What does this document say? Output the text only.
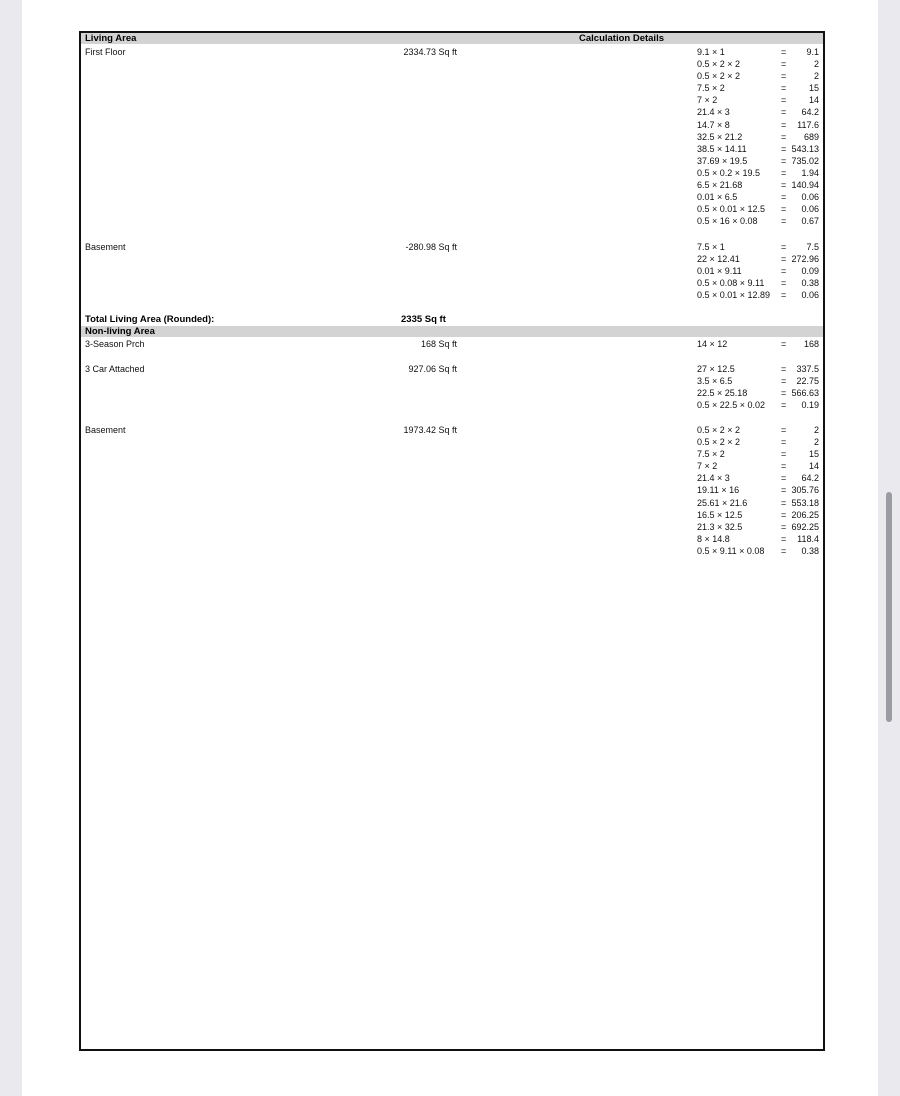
Living Area	Calculation Details
First Floor	2334.73 Sq ft	9.1 × 1	= 9.1
0.5 × 2 × 2	=	2
0.5 × 2 × 2	=	2
7.5 × 2	=	15
7 × 2	=	14
21.4 × 3	= 64.2
14.7 × 8	= 117.6
32.5 × 21.2	= 689
38.5 × 14.11	= 543.13
37.69 × 19.5	= 735.02
0.5 × 0.2 × 19.5 = 1.94
6.5 × 21.68	= 140.94
0.01 × 6.5	= 0.06
0.5 × 0.01 × 12.5 = 0.06
0.5 × 16 × 0.08	= 0.67
Basement	-280.98 Sq ft	7.5 × 1	= 7.5
22 × 12.41	= 272.96
0.01 × 9.11	= 0.09
0.5 × 0.08 × 9.11 = 0.38
0.5 × 0.01 × 12.89 = 0.06
Total Living Area (Rounded):	2335 Sq ft
Non-living Area
3-Season Prch	168 Sq ft	14 × 12	= 168
3 Car Attached	927.06 Sq ft	27 × 12.5	= 337.5
3.5 × 6.5	= 22.75
22.5 × 25.18	= 566.63
0.5 × 22.5 × 0.02 = 0.19
Basement	1973.42 Sq ft	0.5 × 2 × 2	=	2
0.5 × 2 × 2	=	2
7.5 × 2	=	15
7 × 2	=	14
21.4 × 3	= 64.2
19.11 × 16	= 305.76
25.61 × 21.6	= 553.18
16.5 × 12.5	= 206.25
21.3 × 32.5	= 692.25
8 × 14.8	= 118.4
0.5 × 9.11 × 0.08 = 0.38
